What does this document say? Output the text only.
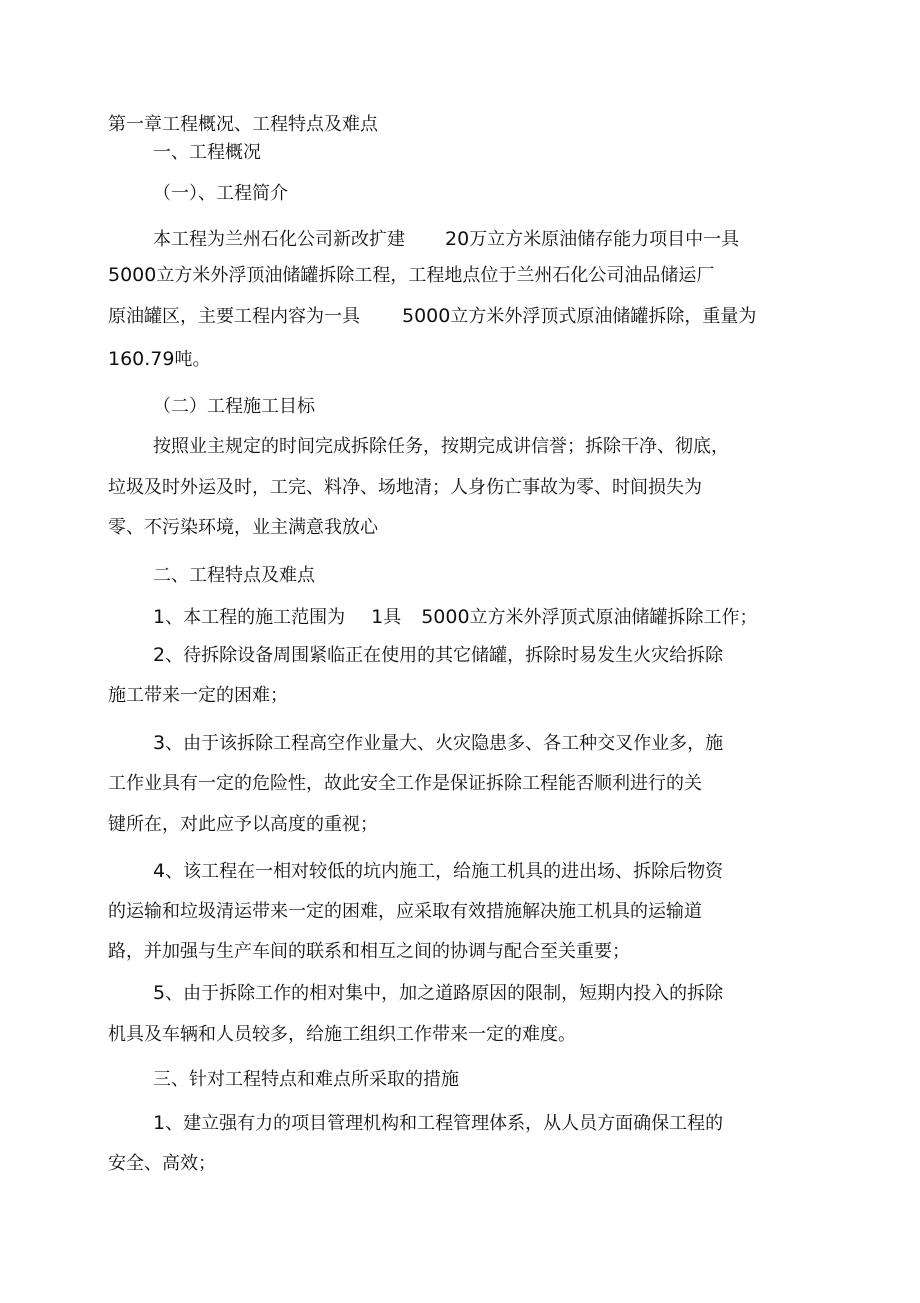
第一章工程概况、工程特点及难点
一、工程概况
（一）、工程简介
本工程为兰州石化公司新改扩建 20万立方米原油储存能力项目中一具
5000立方米外浮顶油储罐拆除工程，工程地点位于兰州石化公司油品储运厂
原油罐区，主要工程内容为一具 5000立方米外浮顶式原油储罐拆除，重量为
160.79吨。
（二）工程施工目标
按照业主规定的时间完成拆除任务，按期完成讲信誉；拆除干净、彻底，
垃圾及时外运及时，工完、料净、场地清；人身伤亡事故为零、时间损失为
零、不污染环境，业主满意我放心
二、工程特点及难点
1、本工程的施工范围为 1具 5000立方米外浮顶式原油储罐拆除工作；
2、待拆除设备周围紧临正在使用的其它储罐，拆除时易发生火灾给拆除
施工带来一定的困难；
3、由于该拆除工程高空作业量大、火灾隐患多、各工种交叉作业多，施
工作业具有一定的危险性，故此安全工作是保证拆除工程能否顺利进行的关
键所在，对此应予以高度的重视；
4、该工程在一相对较低的坑内施工，给施工机具的进出场、拆除后物资
的运输和垃圾清运带来一定的困难，应采取有效措施解决施工机具的运输道
路，并加强与生产车间的联系和相互之间的协调与配合至关重要；
5、由于拆除工作的相对集中，加之道路原因的限制，短期内投入的拆除
机具及车辆和人员较多，给施工组织工作带来一定的难度。
三、针对工程特点和难点所采取的措施
1、建立强有力的项目管理机构和工程管理体系，从人员方面确保工程的
安全、高效；
